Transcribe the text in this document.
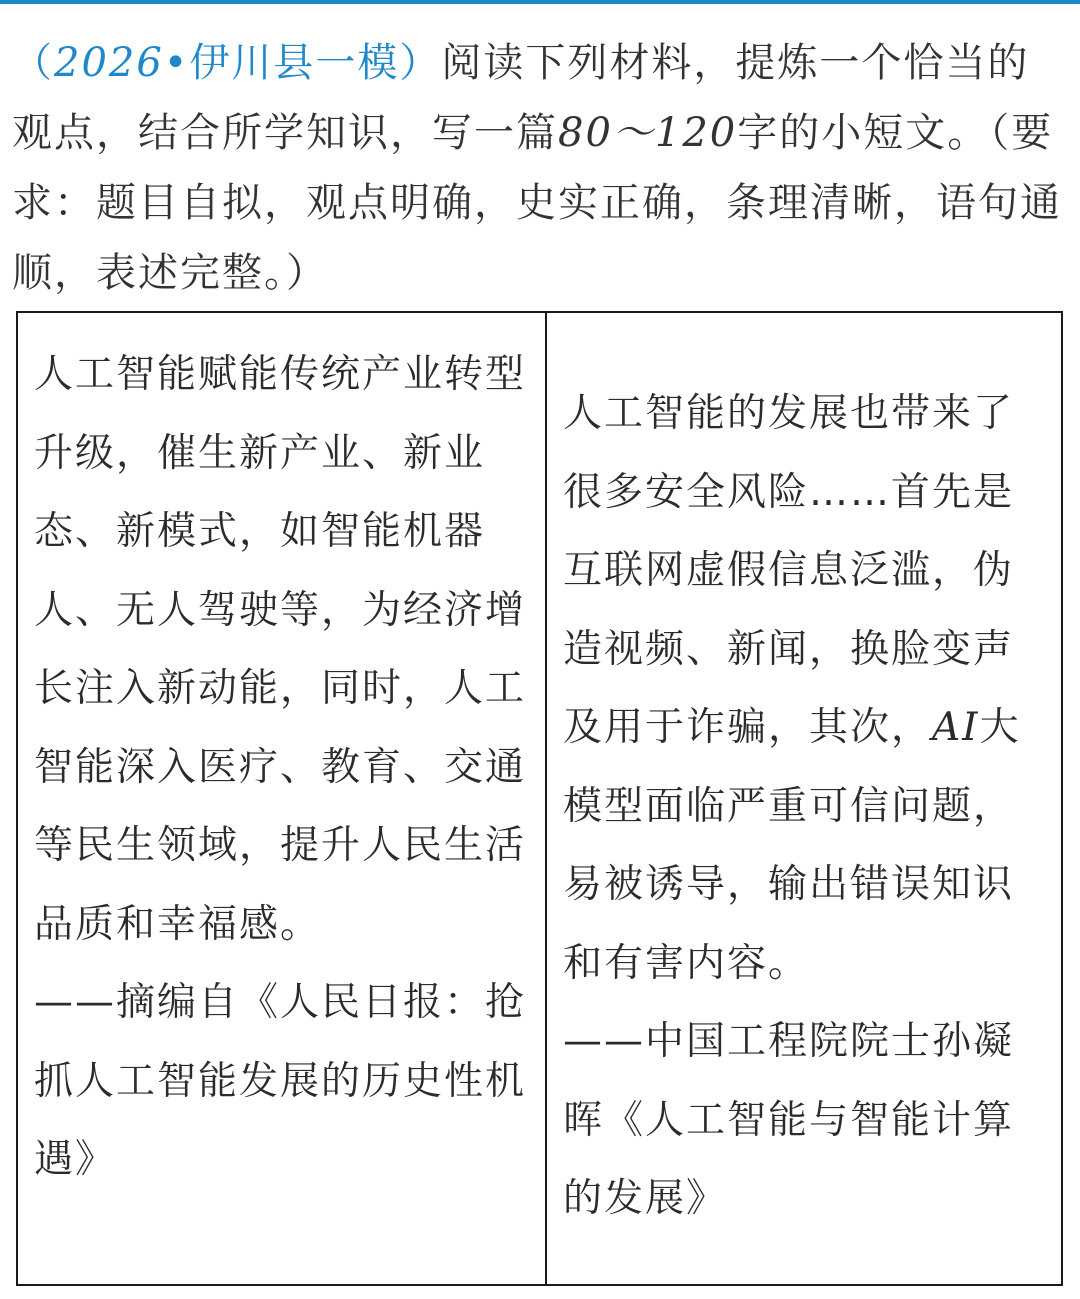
（2026•伊川县一模）阅读下列材料，提炼一个恰当的观点，结合所学知识，写一篇80～120字的小短文。（要求：题目自拟，观点明确，史实正确，条理清晰，语句通顺，表述完整。）

人工智能赋能传统产业转型升级，催生新产业、新业态、新模式，如智能机器人、无人驾驶等，为经济增长注入新动能，同时，人工智能深入医疗、教育、交通等民生领域，提升人民生活品质和幸福感。

——摘编自《人民日报：抢抓人工智能发展的历史性机遇》

人工智能的发展也带来了很多安全风险……首先是互联网虚假信息泛滥，伪造视频、新闻，换脸变声及用于诈骗，其次，AI大模型面临严重可信问题，易被诱导，输出错误知识和有害内容。

——中国工程院院士孙凝晖《人工智能与智能计算的发展》
